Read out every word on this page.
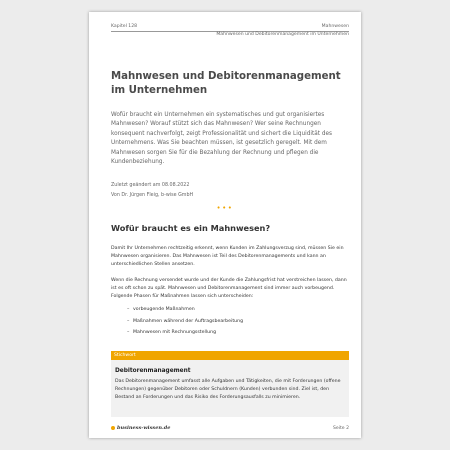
Kapitel 128	Mahnwesen
Mahnwesen und Debitorenmanagement im Unternehmen
Mahnwesen und Debitorenmanagement im Unternehmen

Wofür braucht ein Unternehmen ein systematisches und gut organisiertes Mahnwesen? Worauf stützt sich das Mahnwesen? Wer seine Rechnungen konsequent nachverfolgt, zeigt Professionalität und sichert die Liquidität des Unternehmens. Was Sie beachten müssen, ist gesetzlich geregelt. Mit dem Mahnwesen sorgen Sie für die Bezahlung der Rechnung und pflegen die Kundenbeziehung.

Zuletzt geändert am 08.08.2022
Von Dr. Jürgen Fleig, b-wise GmbH
•••
Wofür braucht es ein Mahnwesen?

Damit Ihr Unternehmen rechtzeitig erkennt, wenn Kunden im Zahlungsverzug sind, müssen Sie ein Mahnwesen organisieren. Das Mahnwesen ist Teil des Debitorenmanagements und kann an unterschiedlichen Stellen ansetzen.

Wenn die Rechnung versendet wurde und der Kunde die Zahlungsfrist hat verstreichen lassen, dann ist es oft schon zu spät. Mahnwesen und Debitorenmanagement sind immer auch vorbeugend. Folgende Phasen für Maßnahmen lassen sich unterscheiden:

– vorbeugende Maßnahmen
– Maßnahmen während der Auftragsbearbeitung
– Mahnwesen mit Rechnungsstellung
Stichwort
Debitorenmanagement

Das Debitorenmanagement umfasst alle Aufgaben und Tätigkeiten, die mit Forderungen (offene Rechnungen) gegenüber Debitoren oder Schuldnern (Kunden) verbunden sind. Ziel ist, den Bestand an Forderungen und das Risiko des Forderungsausfalls zu minimieren.

business-wissen.de	Seite 2
